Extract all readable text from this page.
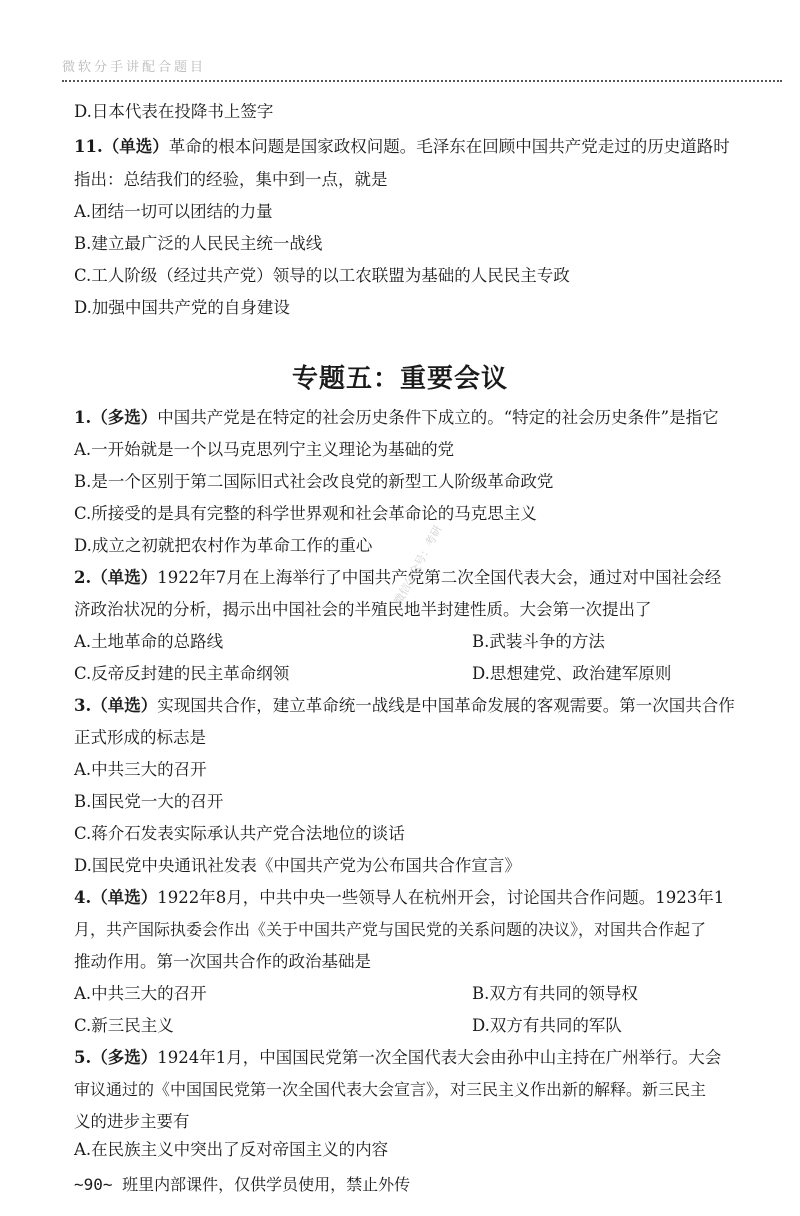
微软分手讲配合题目
D.日本代表在投降书上签字
11.（单选）革命的根本问题是国家政权问题。毛泽东在回顾中国共产党走过的历史道路时
指出：总结我们的经验，集中到一点，就是
A.团结一切可以团结的力量
B.建立最广泛的人民民主统一战线
C.工人阶级（经过共产党）领导的以工农联盟为基础的人民民主专政
D.加强中国共产党的自身建设
专题五：重要会议
1.（多选）中国共产党是在特定的社会历史条件下成立的。“特定的社会历史条件”是指它
A.一开始就是一个以马克思列宁主义理论为基础的党
B.是一个区别于第二国际旧式社会改良党的新型工人阶级革命政党
C.所接受的是具有完整的科学世界观和社会革命论的马克思主义
D.成立之初就把农村作为革命工作的重心
2.（单选）1922年7月在上海举行了中国共产党第二次全国代表大会，通过对中国社会经
济政治状况的分析，揭示出中国社会的半殖民地半封建性质。大会第一次提出了
A.土地革命的总路线	B.武装斗争的方法
C.反帝反封建的民主革命纲领	D.思想建党、政治建军原则
3.（单选）实现国共合作，建立革命统一战线是中国革命发展的客观需要。第一次国共合作
正式形成的标志是
A.中共三大的召开
B.国民党一大的召开
C.蒋介石发表实际承认共产党合法地位的谈话
D.国民党中央通讯社发表《中国共产党为公布国共合作宣言》
4.（单选）1922年8月，中共中央一些领导人在杭州开会，讨论国共合作问题。1923年1
月，共产国际执委会作出《关于中国共产党与国民党的关系问题的决议》，对国共合作起了
推动作用。第一次国共合作的政治基础是
A.中共三大的召开	B.双方有共同的领导权
C.新三民主义	D.双方有共同的军队
5.（多选）1924年1月，中国国民党第一次全国代表大会由孙中山主持在广州举行。大会
审议通过的《中国国民党第一次全国代表大会宣言》，对三民主义作出新的解释。新三民主
义的进步主要有
A.在民族主义中突出了反对帝国主义的内容
微信公众号：考研
~90~ 班里内部课件，仅供学员使用，禁止外传
